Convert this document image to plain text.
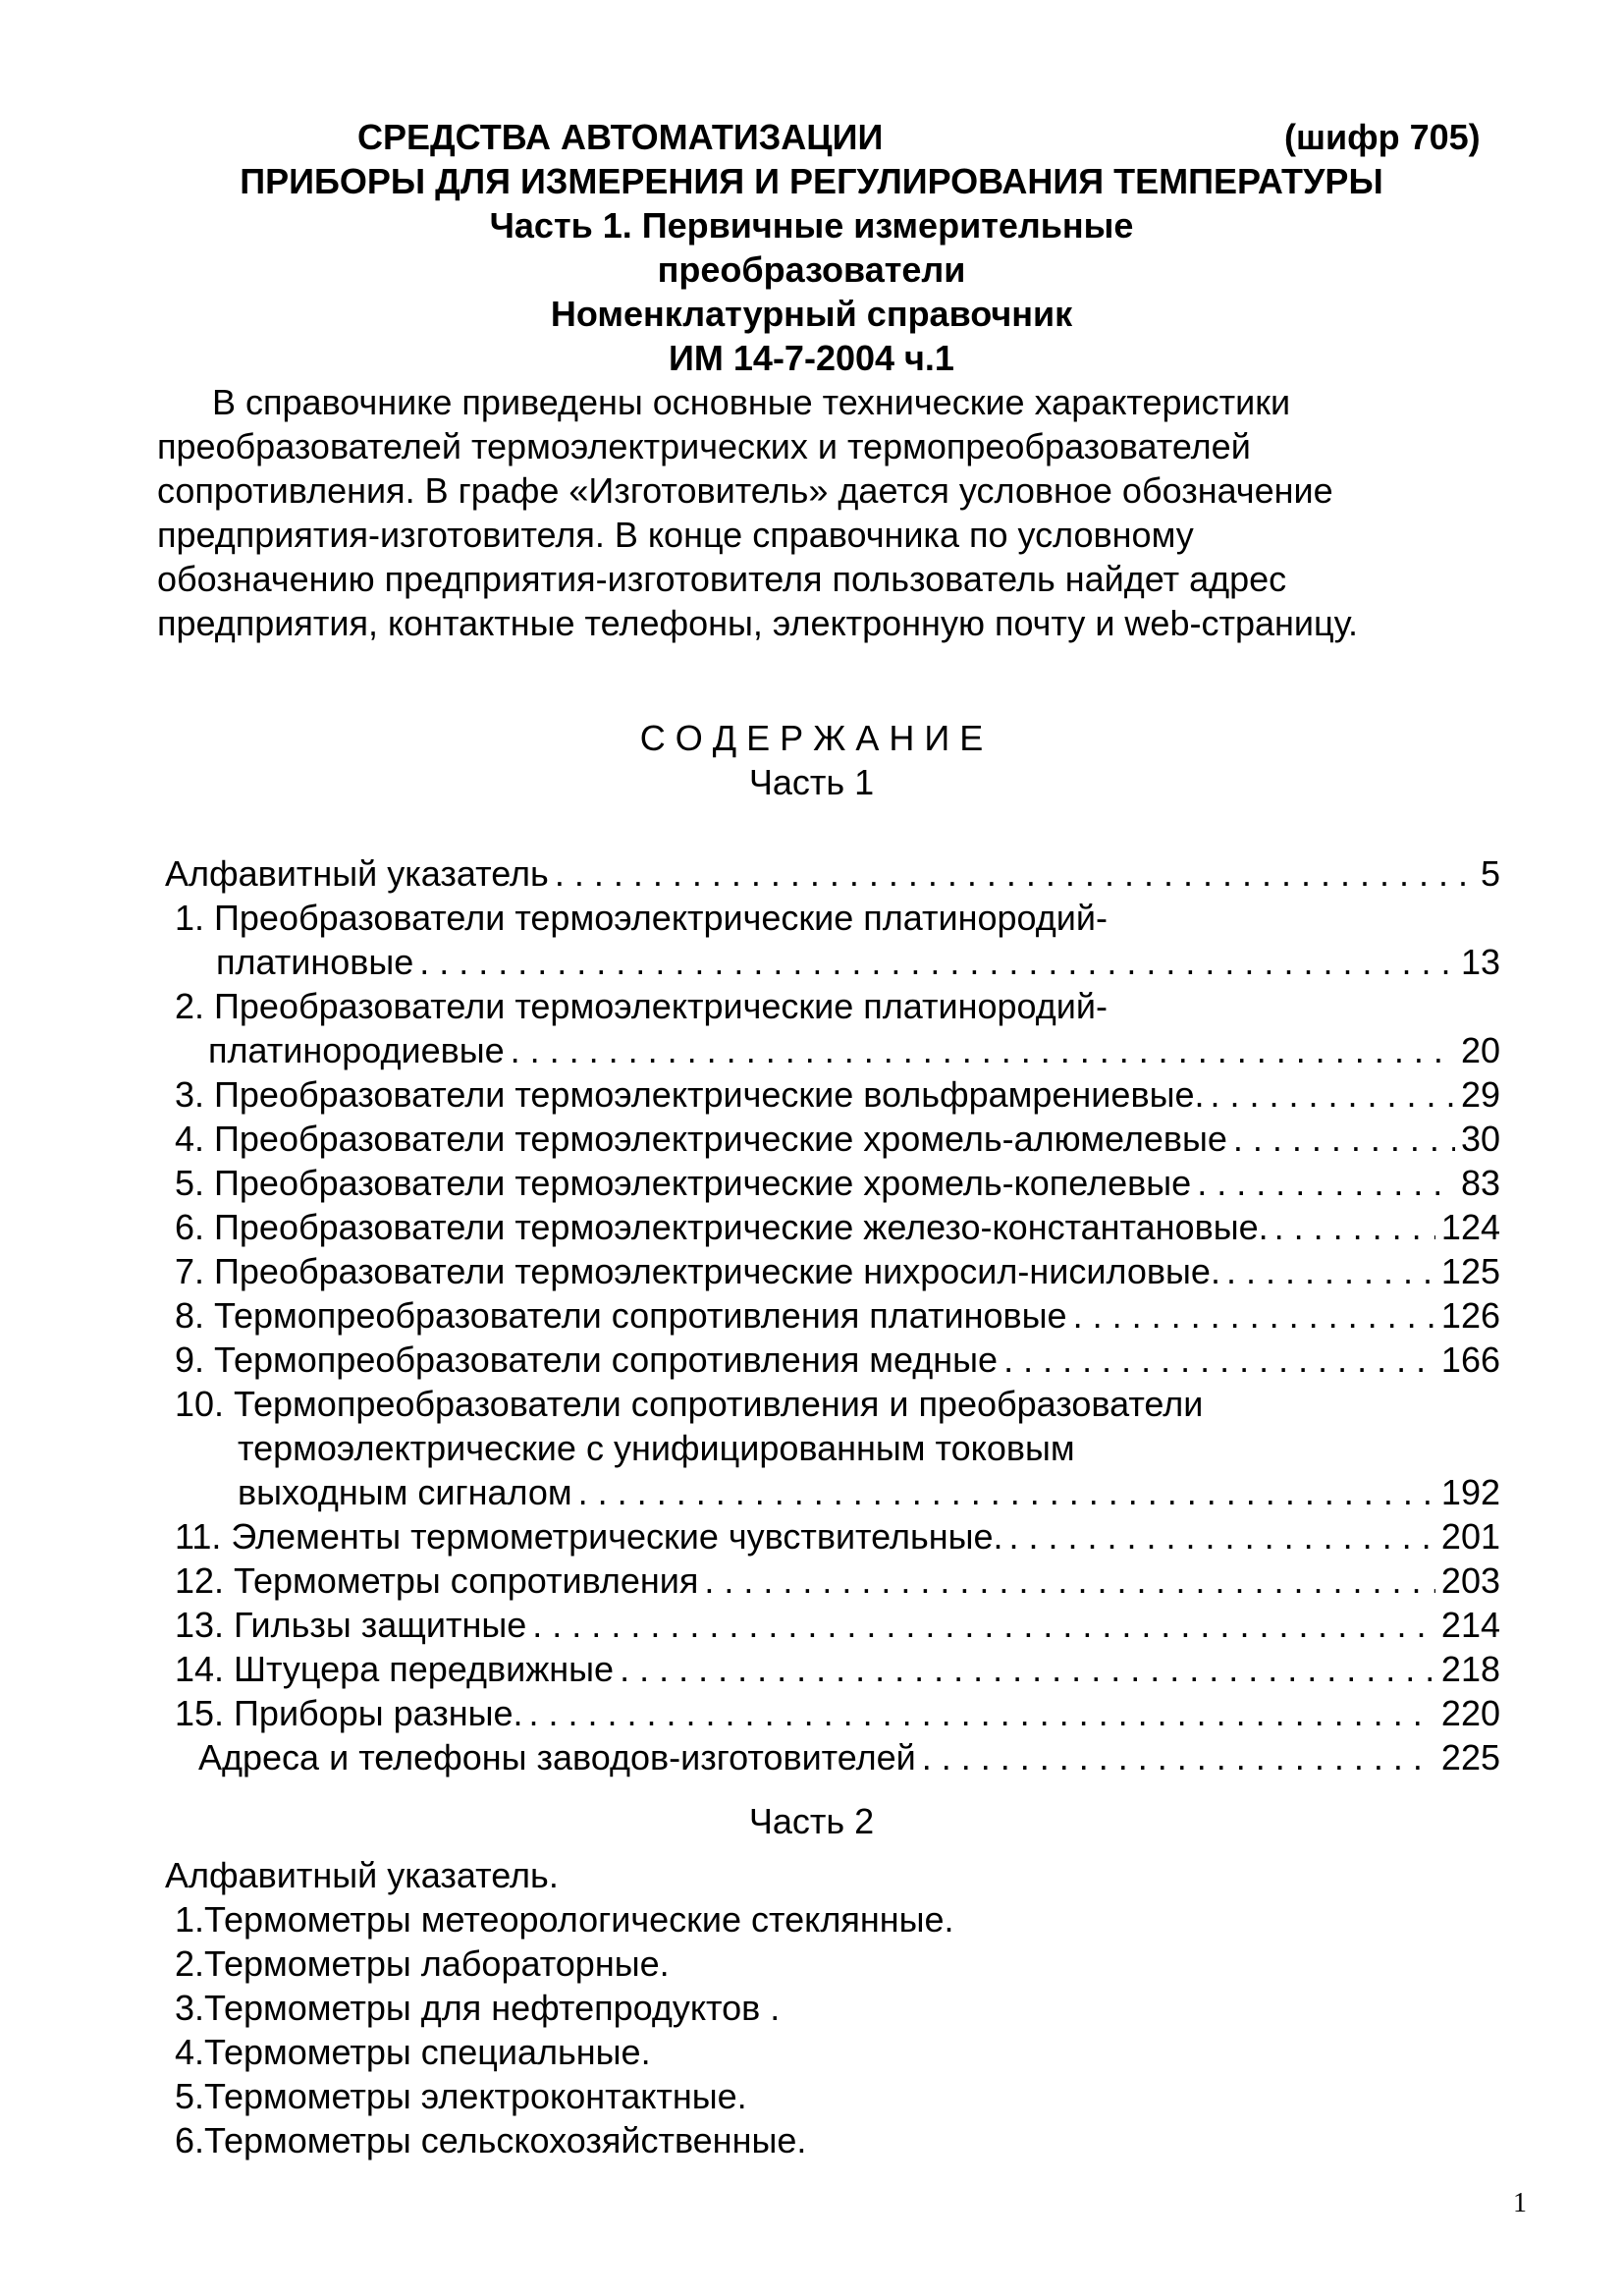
СРЕДСТВА АВТОМАТИЗАЦИИ	(шифр 705)
ПРИБОРЫ ДЛЯ ИЗМЕРЕНИЯ И РЕГУЛИРОВАНИЯ ТЕМПЕРАТУРЫ
Часть 1. Первичные измерительные
преобразователи
Номенклатурный справочник
ИМ 14-7-2004 ч.1
В справочнике приведены основные технические характеристики
преобразователей термоэлектрических и термопреобразователей
сопротивления. В графе «Изготовитель» дается условное обозначение
предприятия-изготовителя. В конце справочника по условному
обозначению предприятия-изготовителя пользователь найдет адрес
предприятия, контактные телефоны, электронную почту и web-страницу.
С О Д Е Р Ж А Н И Е
Часть 1
Алфавитный указатель . . .	5
1. Преобразователи термоэлектрические платинородий-
платиновые . . .	13
2. Преобразователи термоэлектрические платинородий-
платинородиевые . . .	20
3. Преобразователи термоэлектрические вольфрамрениевые. . . .	29
4. Преобразователи термоэлектрические хромель-алюмелевые . . .	30
5. Преобразователи термоэлектрические хромель-копелевые . . .	83
6. Преобразователи термоэлектрические железо-константановые. . . .	124
7. Преобразователи термоэлектрические нихросил-нисиловые. . . .	125
8. Термопреобразователи сопротивления платиновые . . .	126
9. Термопреобразователи сопротивления медные . . .	166
10. Термопреобразователи сопротивления и преобразователи
термоэлектрические с унифицированным токовым
выходным сигналом . . .	192
11. Элементы термометрические чувствительные. . . .	201
12. Термометры сопротивления . . .	203
13. Гильзы защитные . . .	214
14. Штуцера передвижные . . .	218
15. Приборы разные. . . .	220
Адреса и телефоны заводов-изготовителей . . .	225
Часть 2
Алфавитный указатель.
1.Термометры метеорологические стеклянные.
2.Термометры лабораторные.
3.Термометры для нефтепродуктов .
4.Термометры специальные.
5.Термометры электроконтактные.
6.Термометры сельскохозяйственные.
1
